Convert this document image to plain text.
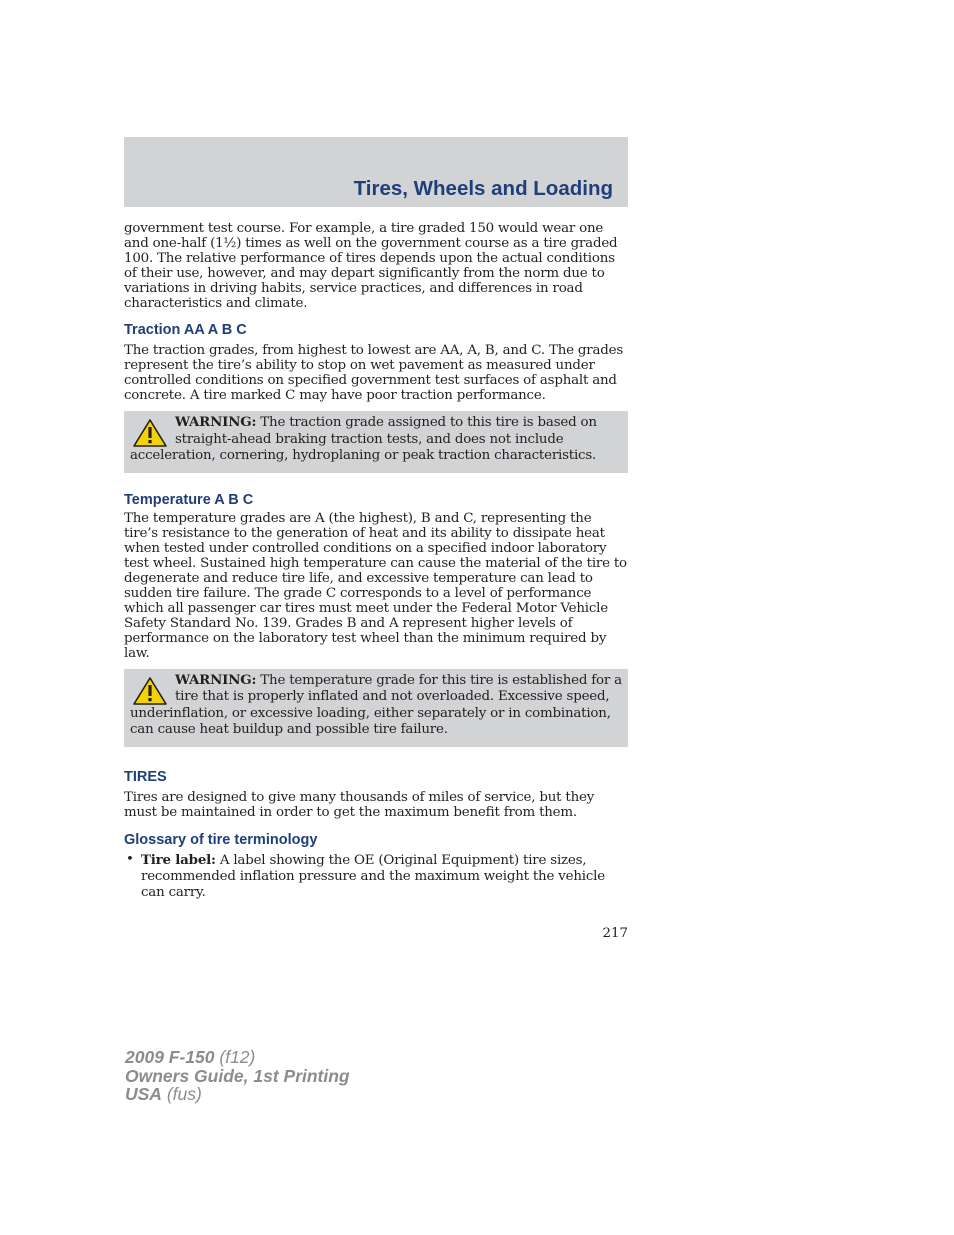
Tires, Wheels and Loading

government test course. For example, a tire graded 150 would wear one and one-half (1½) times as well on the government course as a tire graded 100. The relative performance of tires depends upon the actual conditions of their use, however, and may depart significantly from the norm due to variations in driving habits, service practices, and differences in road characteristics and climate.

Traction AA A B C

The traction grades, from highest to lowest are AA, A, B, and C. The grades represent the tire’s ability to stop on wet pavement as measured under controlled conditions on specified government test surfaces of asphalt and concrete. A tire marked C may have poor traction performance.

WARNING: The traction grade assigned to this tire is based on straight-ahead braking traction tests, and does not include acceleration, cornering, hydroplaning or peak traction characteristics.
Temperature A B C

The temperature grades are A (the highest), B and C, representing the tire’s resistance to the generation of heat and its ability to dissipate heat when tested under controlled conditions on a specified indoor laboratory test wheel. Sustained high temperature can cause the material of the tire to degenerate and reduce tire life, and excessive temperature can lead to sudden tire failure. The grade C corresponds to a level of performance which all passenger car tires must meet under the Federal Motor Vehicle Safety Standard No. 139. Grades B and A represent higher levels of performance on the laboratory test wheel than the minimum required by law.

WARNING: The temperature grade for this tire is established for a tire that is properly inflated and not overloaded. Excessive speed, underinflation, or excessive loading, either separately or in combination, can cause heat buildup and possible tire failure.
TIRES

Tires are designed to give many thousands of miles of service, but they must be maintained in order to get the maximum benefit from them.

Glossary of tire terminology
• Tire label: A label showing the OE (Original Equipment) tire sizes, recommended inflation pressure and the maximum weight the vehicle can carry.
217
2009 F-150 (f12)
Owners Guide, 1st Printing
USA (fus)
